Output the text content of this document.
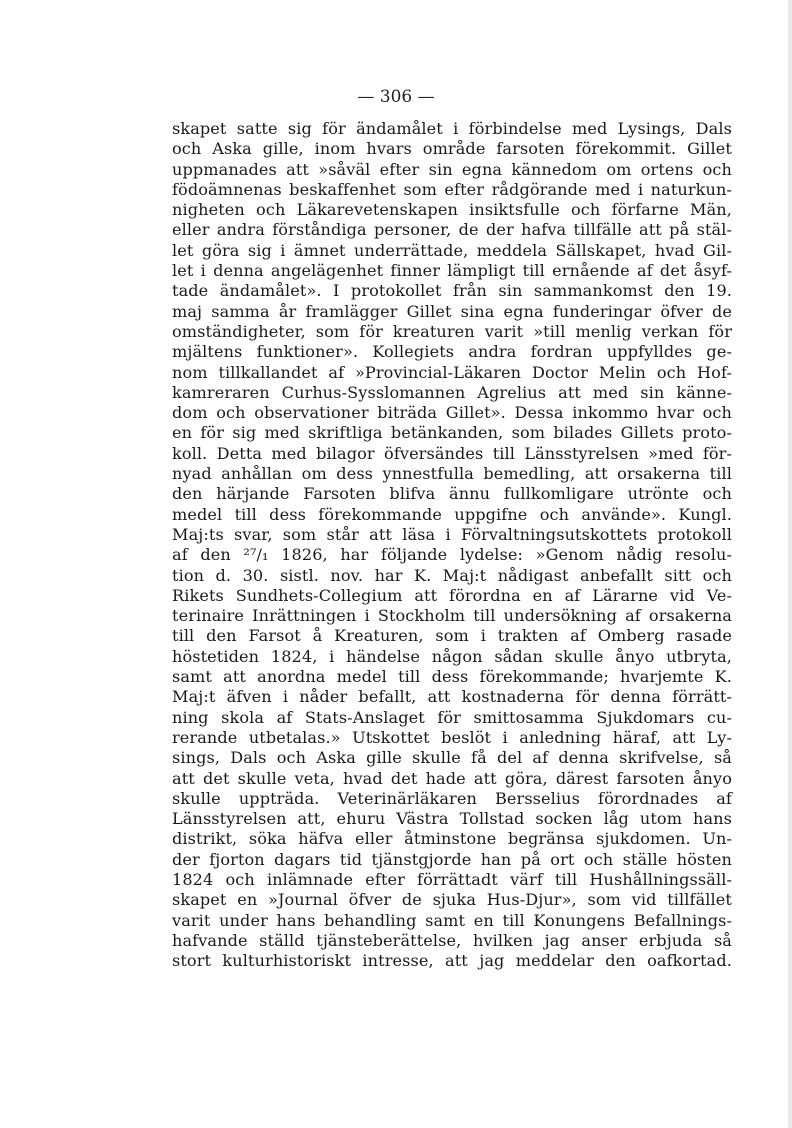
— 306 —
skapet satte sig för ändamålet i förbindelse med Lysings, Dals
och Aska gille, inom hvars område farsoten förekommit. Gillet
uppmanades att »såväl efter sin egna kännedom om ortens och
födoämnenas beskaffenhet som efter rådgörande med i naturkun-
nigheten och Läkarevetenskapen insiktsfulle och förfarne Män,
eller andra förståndiga personer, de der hafva tillfälle att på stäl-
let göra sig i ämnet underrättade, meddela Sällskapet, hvad Gil-
let i denna angelägenhet finner lämpligt till ernående af det åsyf-
tade ändamålet». I protokollet från sin sammankomst den 19.
maj samma år framlägger Gillet sina egna funderingar öfver de
omständigheter, som för kreaturen varit »till menlig verkan för
mjältens funktioner». Kollegiets andra fordran uppfylldes ge-
nom tillkallandet af »Provincial-Läkaren Doctor Melin och Hof-
kamreraren Curhus-Sysslomannen Agrelius att med sin känne-
dom och observationer biträda Gillet». Dessa inkommo hvar och
en för sig med skriftliga betänkanden, som bilades Gillets proto-
koll. Detta med bilagor öfversändes till Länsstyrelsen »med för-
nyad anhållan om dess ynnestfulla bemedling, att orsakerna till
den härjande Farsoten blifva ännu fullkomligare utrönte och
medel till dess förekommande uppgifne och använde». Kungl.
Maj:ts svar, som står att läsa i Förvaltningsutskottets protokoll
af den ²⁷/₁ 1826, har följande lydelse: »Genom nådig resolu-
tion d. 30. sistl. nov. har K. Maj:t nådigast anbefallt sitt och
Rikets Sundhets-Collegium att förordna en af Lärarne vid Ve-
terinaire Inrättningen i Stockholm till undersökning af orsakerna
till den Farsot å Kreaturen, som i trakten af Omberg rasade
höstetiden 1824, i händelse någon sådan skulle ånyo utbryta,
samt att anordna medel till dess förekommande; hvarjemte K.
Maj:t äfven i nåder befallt, att kostnaderna för denna förrätt-
ning skola af Stats-Anslaget för smittosamma Sjukdomars cu-
rerande utbetalas.» Utskottet beslöt i anledning häraf, att Ly-
sings, Dals och Aska gille skulle få del af denna skrifvelse, så
att det skulle veta, hvad det hade att göra, därest farsoten ånyo
skulle uppträda. Veterinärläkaren Bersselius förordnades af
Länsstyrelsen att, ehuru Västra Tollstad socken låg utom hans
distrikt, söka häfva eller åtminstone begränsa sjukdomen. Un-
der fjorton dagars tid tjänstgjorde han på ort och ställe hösten
1824 och inlämnade efter förrättadt värf till Hushållningssäll-
skapet en »Journal öfver de sjuka Hus-Djur», som vid tillfället
varit under hans behandling samt en till Konungens Befallnings-
hafvande ställd tjänsteberättelse, hvilken jag anser erbjuda så
stort kulturhistoriskt intresse, att jag meddelar den oafkortad.
